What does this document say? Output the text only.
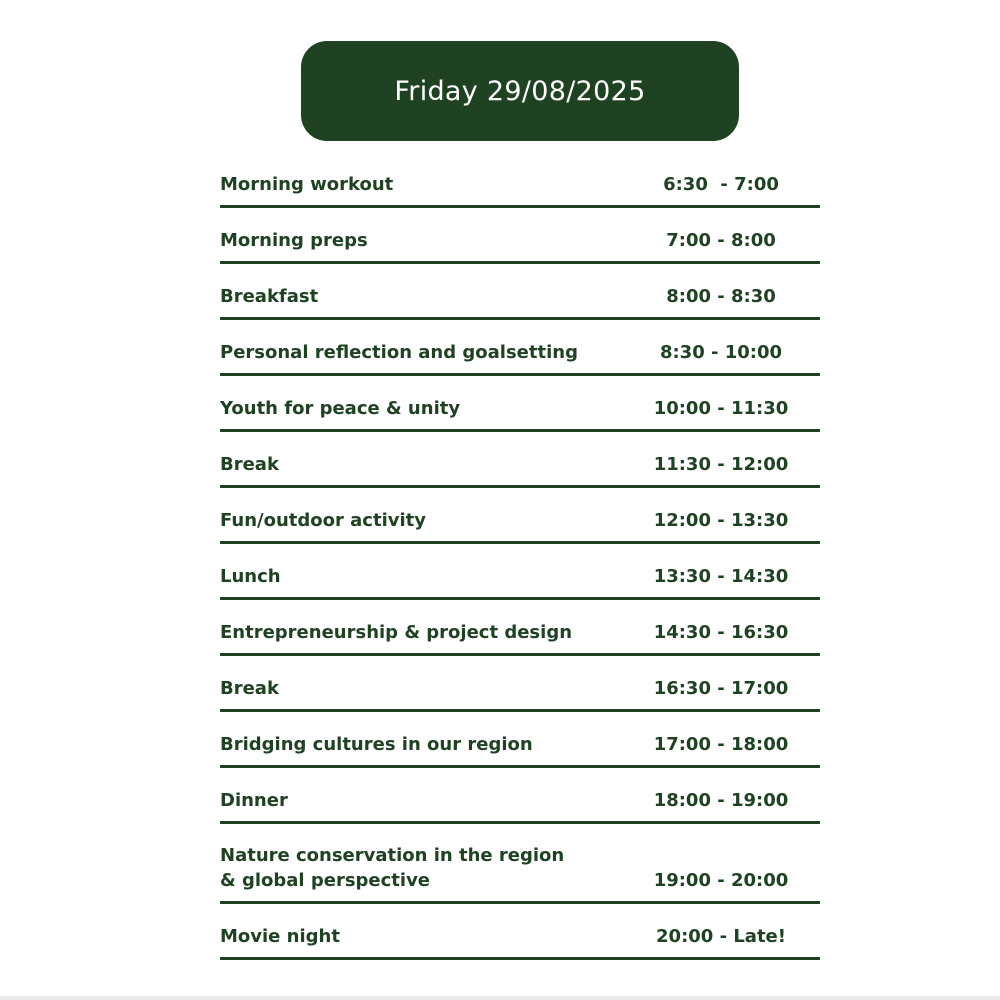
Friday 29/08/2025
Morning workout	6:30  - 7:00
Morning preps	7:00 - 8:00
Breakfast	8:00 - 8:30
Personal reflection and goalsetting	8:30 - 10:00
Youth for peace & unity	10:00 - 11:30
Break	11:30 - 12:00
Fun/outdoor activity	12:00 - 13:30
Lunch	13:30 - 14:30
Entrepreneurship & project design	14:30 - 16:30
Break	16:30 - 17:00
Bridging cultures in our region	17:00 - 18:00
Dinner	18:00 - 19:00
Nature conservation in the region & global perspective	19:00 - 20:00
Movie night	20:00 - Late!
